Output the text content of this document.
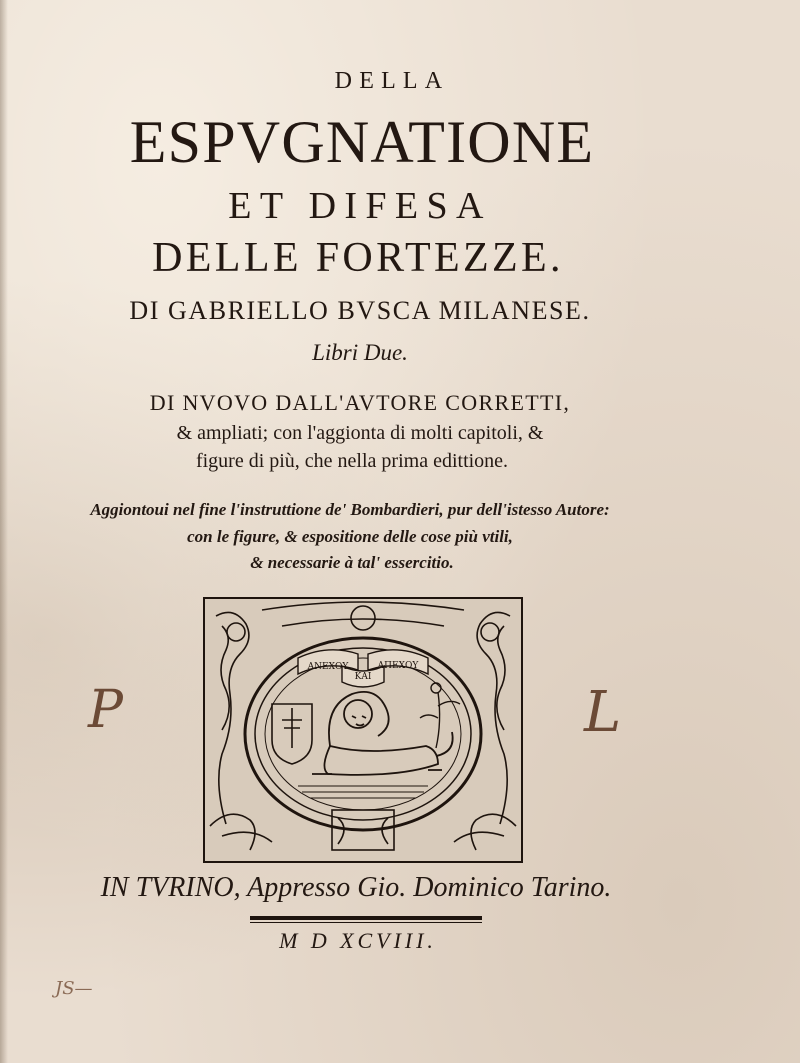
DELLA
ESPVGNATIONE
ET DIFESA
DELLE FORTEZZE.
DI GABRIELLO BVSCA MILANESE.
Libri Due.
DI NVOVO DALL'AVTORE CORRETTI,
& ampliati; con l'aggionta di molti capitoli, &
figure di più, che nella prima edittione.
Aggiontoui nel fine l'instruttione de' Bombardieri, pur dell'istesso Autore:
con le figure, & espositione delle cose più vtili,
& necessarie à tal' essercitio.
P	L
ΑΝΕΧΟΥ	ΑΠΕΧΟΥ
ΚΑΙ
IN TVRINO, Appresso Gio. Dominico Tarino.
M D XCVIII.
JS—
